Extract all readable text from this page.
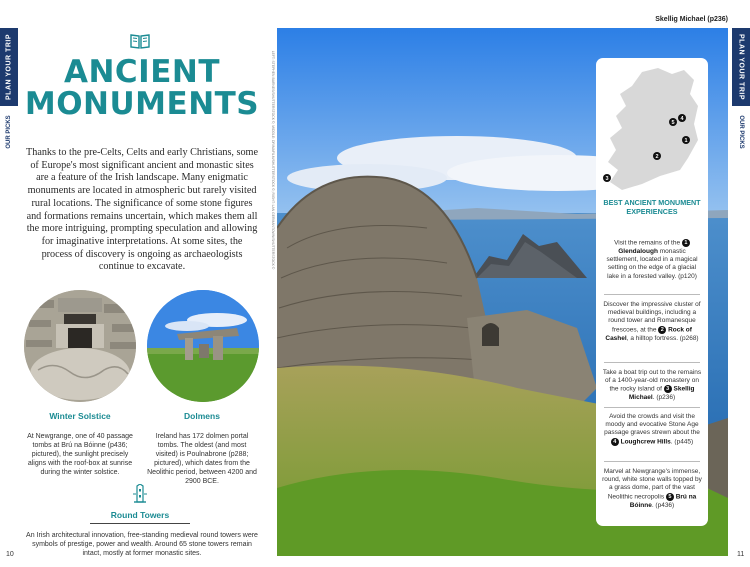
PLAN YOUR TRIP
OUR PICKS
ANCIENT MONUMENTS
Thanks to the pre-Celts, Celts and early Christians, some of Europe's most significant ancient and monastic sites are a feature of the Irish landscape. Many enigmatic monuments are located in atmospheric but rarely visited rural locations. The significance of some stone figures and formations remains uncertain, which makes them all the more intriguing, prompting speculation and allowing for imaginative interpretations. At some sites, the process of discovery is ongoing as archaeologists continue to excavate.
Winter Solstice
At Newgrange, one of 40 passage tombs at Brú na Bóinne (p436; pictured), the sunlight precisely aligns with the roof-box at sunrise during the winter solstice.
Dolmens
Ireland has 172 dolmen portal tombs. The oldest (and most visited) is Poulnabrone (p288; pictured), which dates from the Neolithic period, between 4200 and 2900 BCE.
Round Towers
An Irish architectural innovation, free-standing medieval round towers were symbols of prestige, power and wealth. Around 65 stone towers remain intact, mostly at former monastic sites.
10
LEFT: STEPHEN BARNES/SHUTTERSTOCK ©; MIDDLE: DRIMAFILM/SHUTTERSTOCK ©; RIGHT: LAN GERMANTOWN/SHUTTERSTOCK ©
Skellig Michael (p236)
5
1
2
3
4
BEST ANCIENT MONUMENT EXPERIENCES
Visit the remains of the 1 Glendalough monastic settlement, located in a magical setting on the edge of a glacial lake in a forested valley. (p120)
Discover the impressive cluster of medieval buildings, including a round tower and Romanesque frescoes, at the 2 Rock of Cashel, a hilltop fortress. (p268)
Take a boat trip out to the remains of a 1400-year-old monastery on the rocky island of 3 Skellig Michael. (p236)
Avoid the crowds and visit the moody and evocative Stone Age passage graves strewn about the 4 Loughcrew Hills. (p445)
Marvel at Newgrange's immense, round, white stone walls topped by a grass dome, part of the vast Neolithic necropolis 5 Brú na Bóinne. (p436)
PLAN YOUR TRIP
OUR PICKS
11
